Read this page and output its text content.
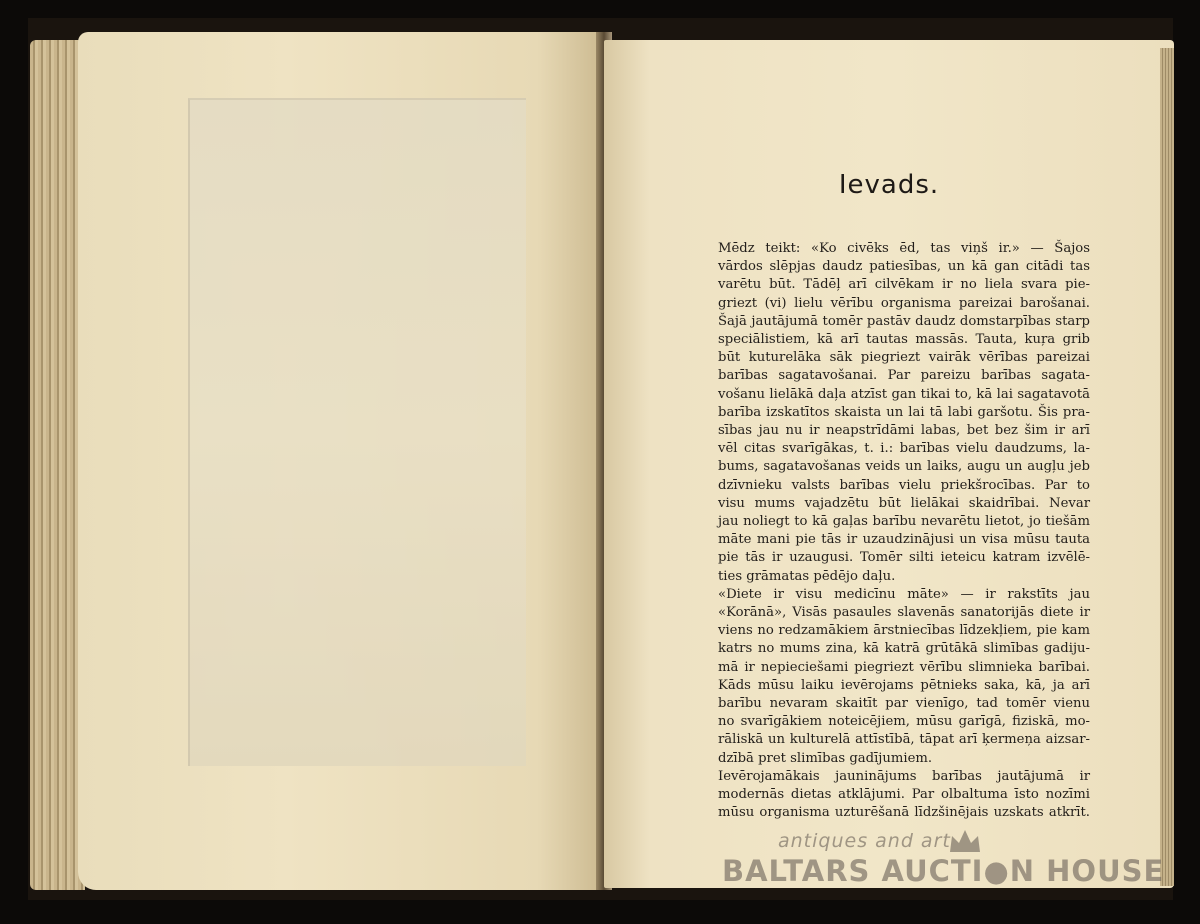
Ievads.

Mēdz teikt: «Ko civēks ēd, tas viņš ir.» — Šajos
vārdos slēpjas daudz patiesības, un kā gan citādi tas
varētu būt. Tādēļ arī cilvēkam ir no liela svara pie-
griezt (vi) lielu vērību organisma pareizai barošanai.
Šajā jautājumā tomēr pastāv daudz domstarpības starp
speciālistiem, kā arī tautas massās. Tauta, kuŗa grib
būt kuturelāka sāk piegriezt vairāk vērības pareizai
barības sagatavošanai. Par pareizu barības sagata-
vošanu lielākā daļa atzīst gan tikai to, kā lai sagatavotā
barība izskatītos skaista un lai tā labi garšotu. Šis pra-
sības jau nu ir neapstrīdāmi labas, bet bez šim ir arī
vēl citas svarīgākas, t. i.: barības vielu daudzums, la-
bums, sagatavošanas veids un laiks, augu un augļu jeb
dzīvnieku valsts barības vielu priekšrocības. Par to
visu mums vajadzētu būt lielākai skaidrībai. Nevar
jau noliegt to kā gaļas barību nevarētu lietot, jo tiešām
māte mani pie tās ir uzaudzinājusi un visa mūsu tauta
pie tās ir uzaugusi. Tomēr silti ieteicu katram izvēlē-
ties grāmatas pēdējo daļu.

«Diete ir visu medicīnu māte» — ir rakstīts jau
«Korānā», Visās pasaules slavenās sanatorijās diete ir
viens no redzamākiem ārstniecības līdzekļiem, pie kam
katrs no mums zina, kā katrā grūtākā slimības gadiju-
mā ir nepieciešami piegriezt vērību slimnieka barībai.
Kāds mūsu laiku ievērojams pētnieks saka, kā, ja arī
barību nevaram skaitīt par vienīgo, tad tomēr vienu
no svarīgākiem noteicējiem, mūsu garīgā, fiziskā, mo-
rāliskā un kulturelā attīstībā, tāpat arī ķermeņa aizsar-
dzībā pret slimības gadījumiem.

Ievērojamākais jauninājums barības jautājumā ir
modernās dietas atklājumi. Par olbaltuma īsto nozīmi
mūsu organisma uzturēšanā līdzšinējais uzskats atkrīt.

antiques and art
BALTARS AUCTI●N HOUSE
